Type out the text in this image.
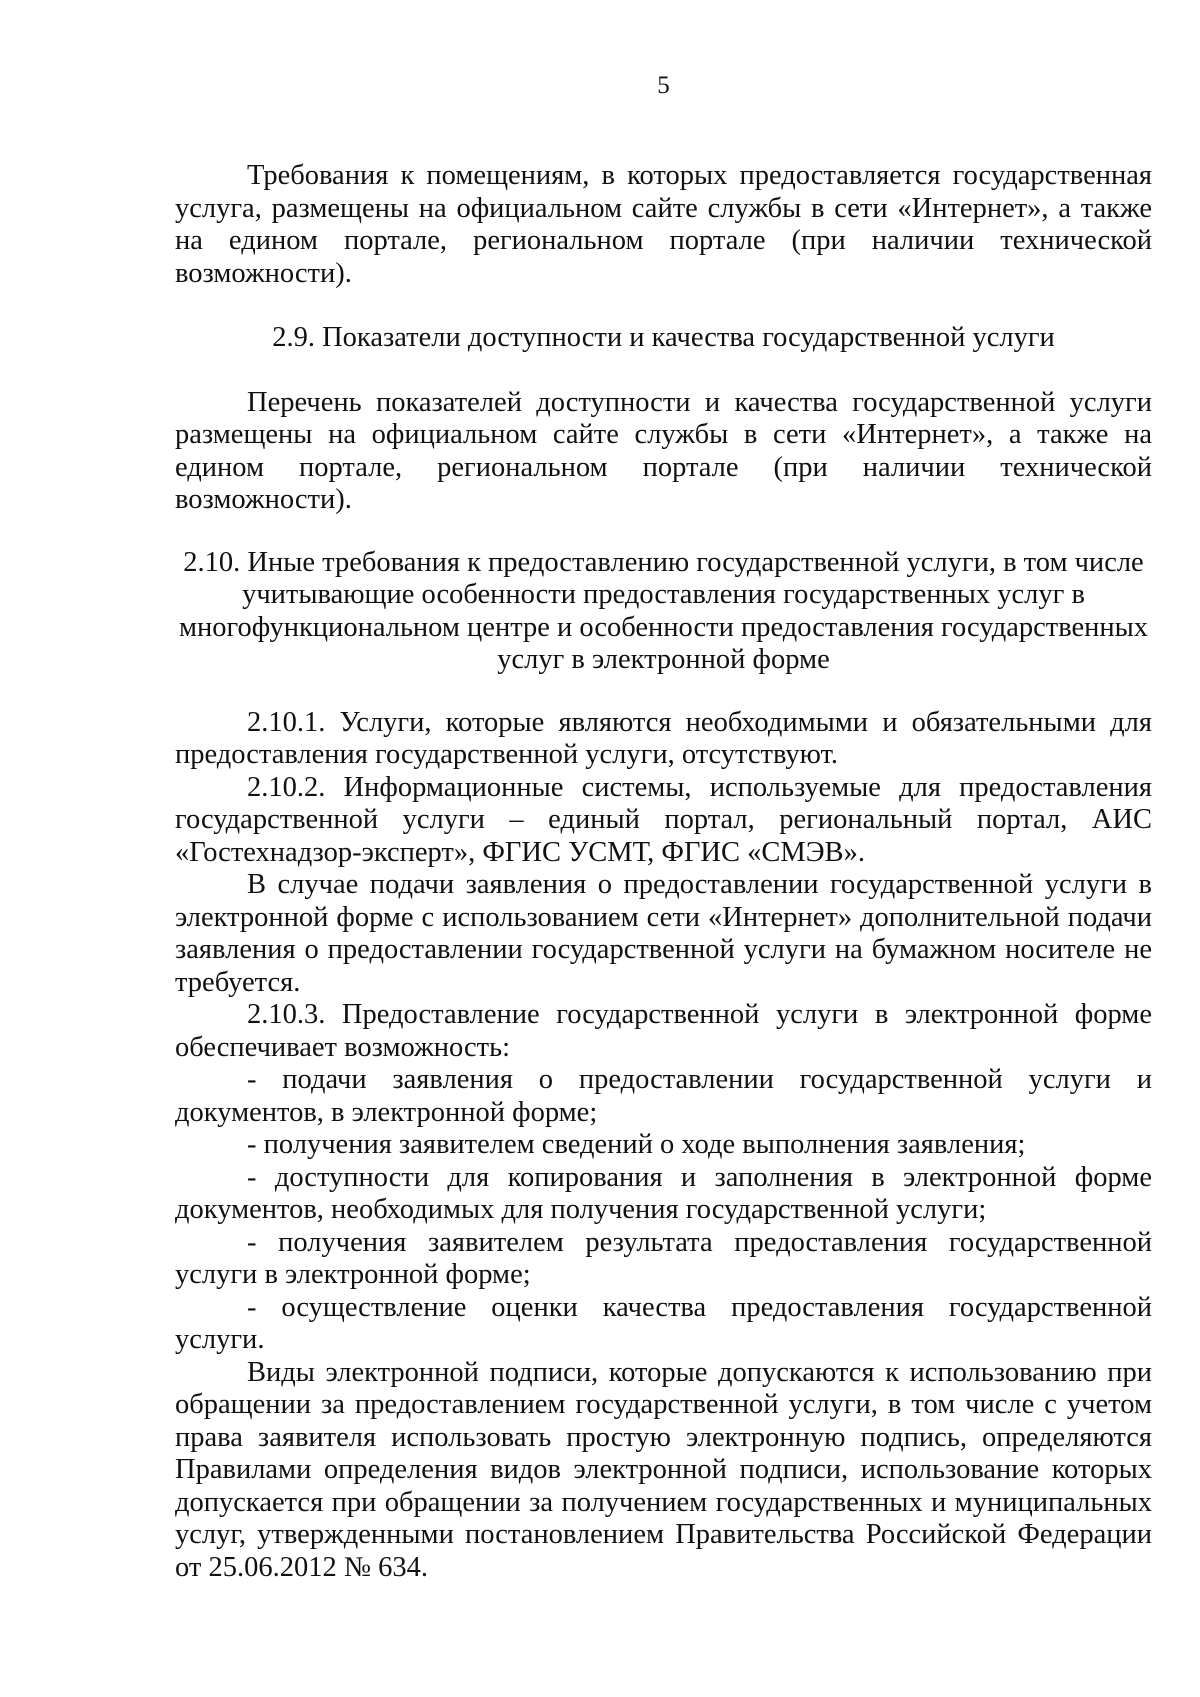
5

Требования к помещениям, в которых предоставляется государственная услуга, размещены на официальном сайте службы в сети «Интернет», а также на едином портале, региональном портале (при наличии технической возможности).

2.9. Показатели доступности и качества государственной услуги

Перечень показателей доступности и качества государственной услуги размещены на официальном сайте службы в сети «Интернет», а также на едином портале, региональном портале (при наличии технической возможности).

2.10. Иные требования к предоставлению государственной услуги, в том числе учитывающие особенности предоставления государственных услуг в многофункциональном центре и особенности предоставления государственных услуг в электронной форме

2.10.1. Услуги, которые являются необходимыми и обязательными для предоставления государственной услуги, отсутствуют.

2.10.2. Информационные системы, используемые для предоставления государственной услуги – единый портал, региональный портал, АИС «Гостехнадзор-эксперт», ФГИС УСМТ, ФГИС «СМЭВ».

В случае подачи заявления о предоставлении государственной услуги в электронной форме с использованием сети «Интернет» дополнительной подачи заявления о предоставлении государственной услуги на бумажном носителе не требуется.

2.10.3. Предоставление государственной услуги в электронной форме обеспечивает возможность:

- подачи заявления о предоставлении государственной услуги и документов, в электронной форме;

- получения заявителем сведений о ходе выполнения заявления;

- доступности для копирования и заполнения в электронной форме документов, необходимых для получения государственной услуги;

- получения заявителем результата предоставления государственной услуги в электронной форме;

- осуществление оценки качества предоставления государственной услуги.

Виды электронной подписи, которые допускаются к использованию при обращении за предоставлением государственной услуги, в том числе с учетом права заявителя использовать простую электронную подпись, определяются Правилами определения видов электронной подписи, использование которых допускается при обращении за получением государственных и муниципальных услуг, утвержденными постановлением Правительства Российской Федерации от 25.06.2012 № 634.
